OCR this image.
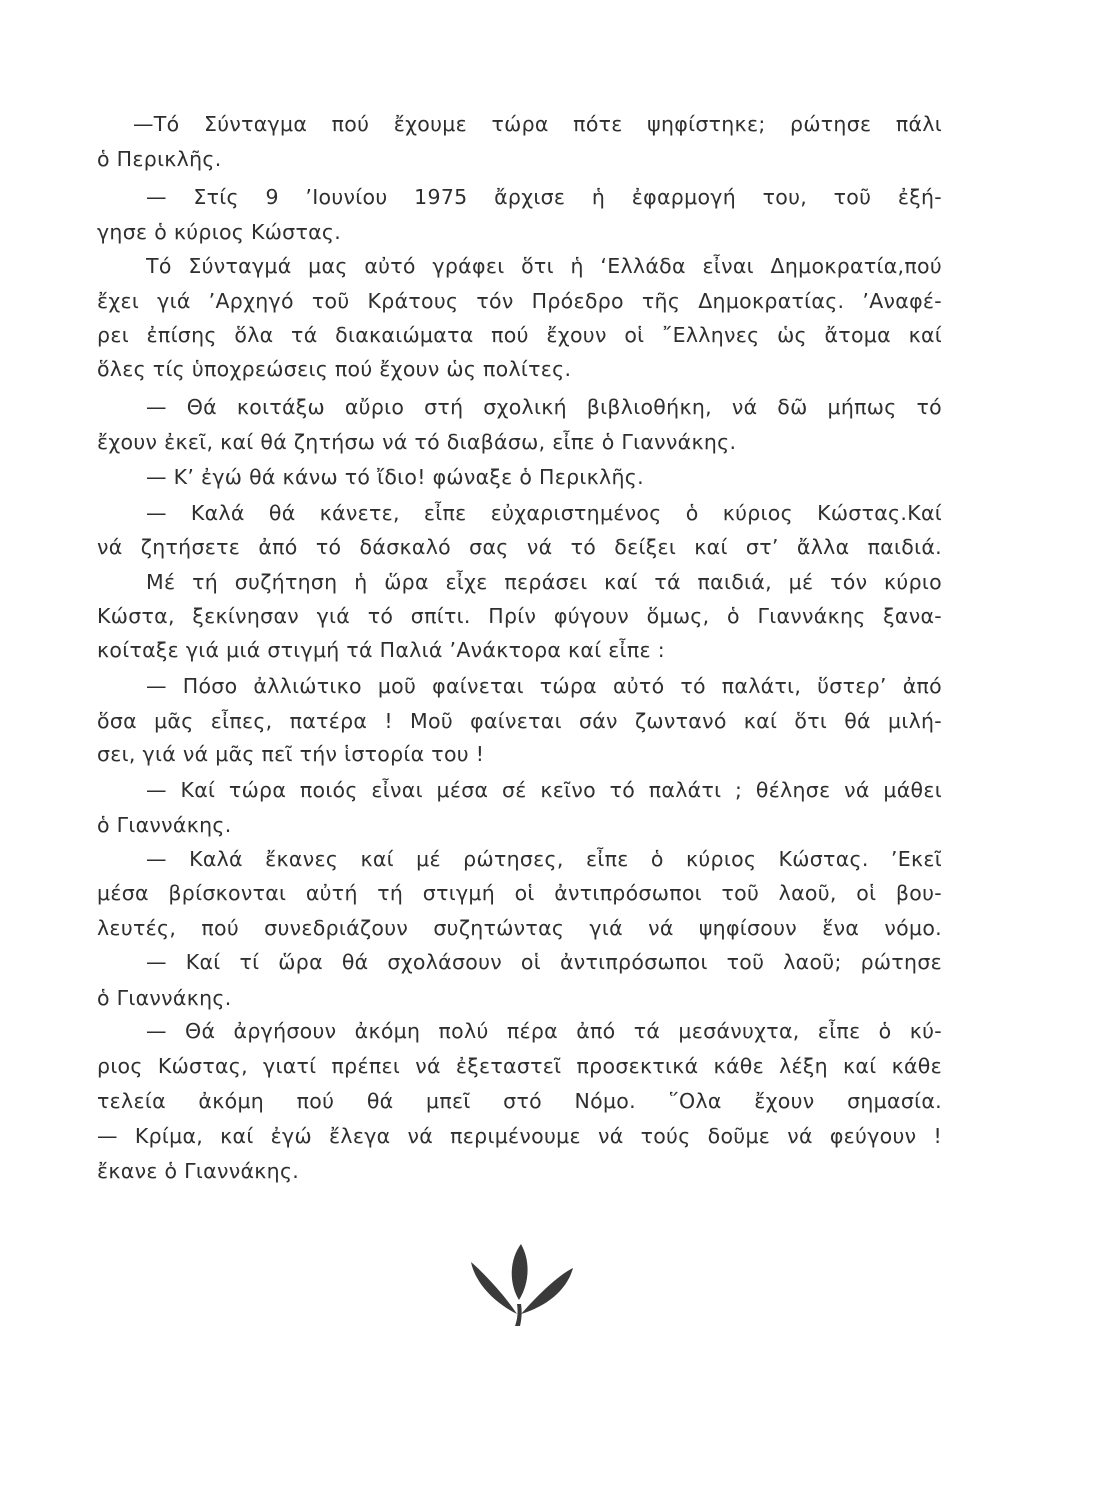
—Τό Σύνταγμα πού ἔχουμε τώρα πότε ψηφίστηκε; ρώτησε πάλι
ὁ Περικλῆς.
— Στίς 9 ’Ιουνίου 1975 ἄρχισε ἡ ἐφαρμογή του, τοῦ ἐξή-
γησε ὁ κύριος Κώστας.
Τό Σύνταγμά μας αὐτό γράφει ὅτι ἡ ‘Ελλάδα εἶναι Δημοκρατία,πού
ἔχει γιά ’Αρχηγό τοῦ Κράτους τόν Πρόεδρο τῆς Δημοκρατίας. ’Αναφέ-
ρει ἐπίσης ὅλα τά διακαιώματα πού ἔχουν οἱ ῎Ελληνες ὡς ἄτομα καί
ὅλες τίς ὑποχρεώσεις πού ἔχουν ὡς πολίτες.
— Θά κοιτάξω αὔριο στή σχολική βιβλιοθήκη, νά δῶ μήπως τό
ἔχουν ἐκεῖ, καί θά ζητήσω νά τό διαβάσω, εἶπε ὁ Γιαννάκης.
— Κ’ ἐγώ θά κάνω τό ἴδιο! φώναξε ὁ Περικλῆς.
— Καλά θά κάνετε, εἶπε εὐχαριστημένος ὁ κύριος Κώστας.Καί
νά ζητήσετε ἀπό τό δάσκαλό σας νά τό δείξει καί στ’ ἄλλα παιδιά.
Μέ τή συζήτηση ἡ ὥρα εἶχε περάσει καί τά παιδιά, μέ τόν κύριο
Κώστα, ξεκίνησαν γιά τό σπίτι. Πρίν φύγουν ὅμως, ὁ Γιαννάκης ξανα-
κοίταξε γιά μιά στιγμή τά Παλιά ’Ανάκτορα καί εἶπε :
— Πόσο ἀλλιώτικο μοῦ φαίνεται τώρα αὐτό τό παλάτι, ὕστερ’ ἀπό
ὅσα μᾶς εἶπες, πατέρα ! Μοῦ φαίνεται σάν ζωντανό καί ὅτι θά μιλή-
σει, γιά νά μᾶς πεῖ τήν ἱστορία του !
— Καί τώρα ποιός εἶναι μέσα σέ κεῖνο τό παλάτι ; θέλησε νά μάθει
ὁ Γιαννάκης.
— Καλά ἔκανες καί μέ ρώτησες, εἶπε ὁ κύριος Κώστας. ’Εκεῖ
μέσα βρίσκονται αὐτή τή στιγμή οἱ ἀντιπρόσωποι τοῦ λαοῦ, οἱ βου-
λευτές, πού συνεδριάζουν συζητώντας γιά νά ψηφίσουν ἕνα νόμο.
— Καί τί ὥρα θά σχολάσουν οἱ ἀντιπρόσωποι τοῦ λαοῦ; ρώτησε
ὁ Γιαννάκης.
— Θά ἀργήσουν ἀκόμη πολύ πέρα ἀπό τά μεσάνυχτα, εἶπε ὁ κύ-
ριος Κώστας, γιατί πρέπει νά ἐξεταστεῖ προσεκτικά κάθε λέξη καί κάθε
τελεία ἀκόμη πού θά μπεῖ στό Νόμο. ῞Ολα ἔχουν σημασία.
— Κρίμα, καί ἐγώ ἔλεγα νά περιμένουμε νά τούς δοῦμε νά φεύγουν !
ἔκανε ὁ Γιαννάκης.
